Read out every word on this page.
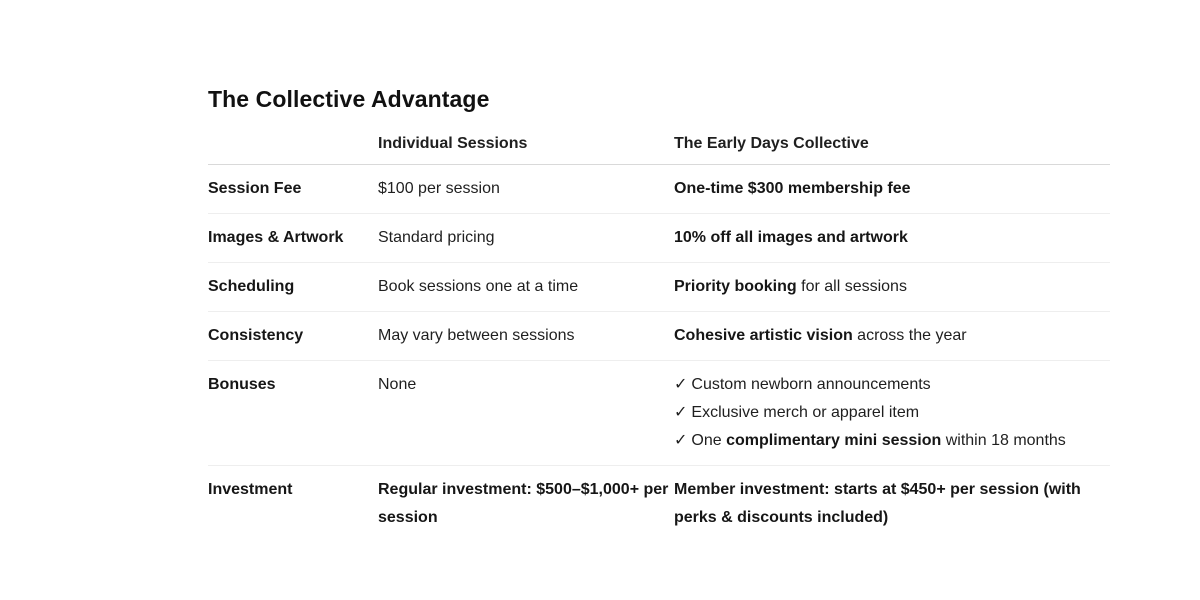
The Collective Advantage
	Individual Sessions	The Early Days Collective
Session Fee	$100 per session	One-time $300 membership fee
Images & Artwork	Standard pricing	10% off all images and artwork
Scheduling	Book sessions one at a time	Priority booking for all sessions
Consistency	May vary between sessions	Cohesive artistic vision across the year
Bonuses	None	✓ Custom newborn announcements
✓ Exclusive merch or apparel item
✓ One complimentary mini session within 18 months

Investment	Regular investment: $500–$1,000+ per session	Member investment: starts at $450+ per session (with perks & discounts included)
